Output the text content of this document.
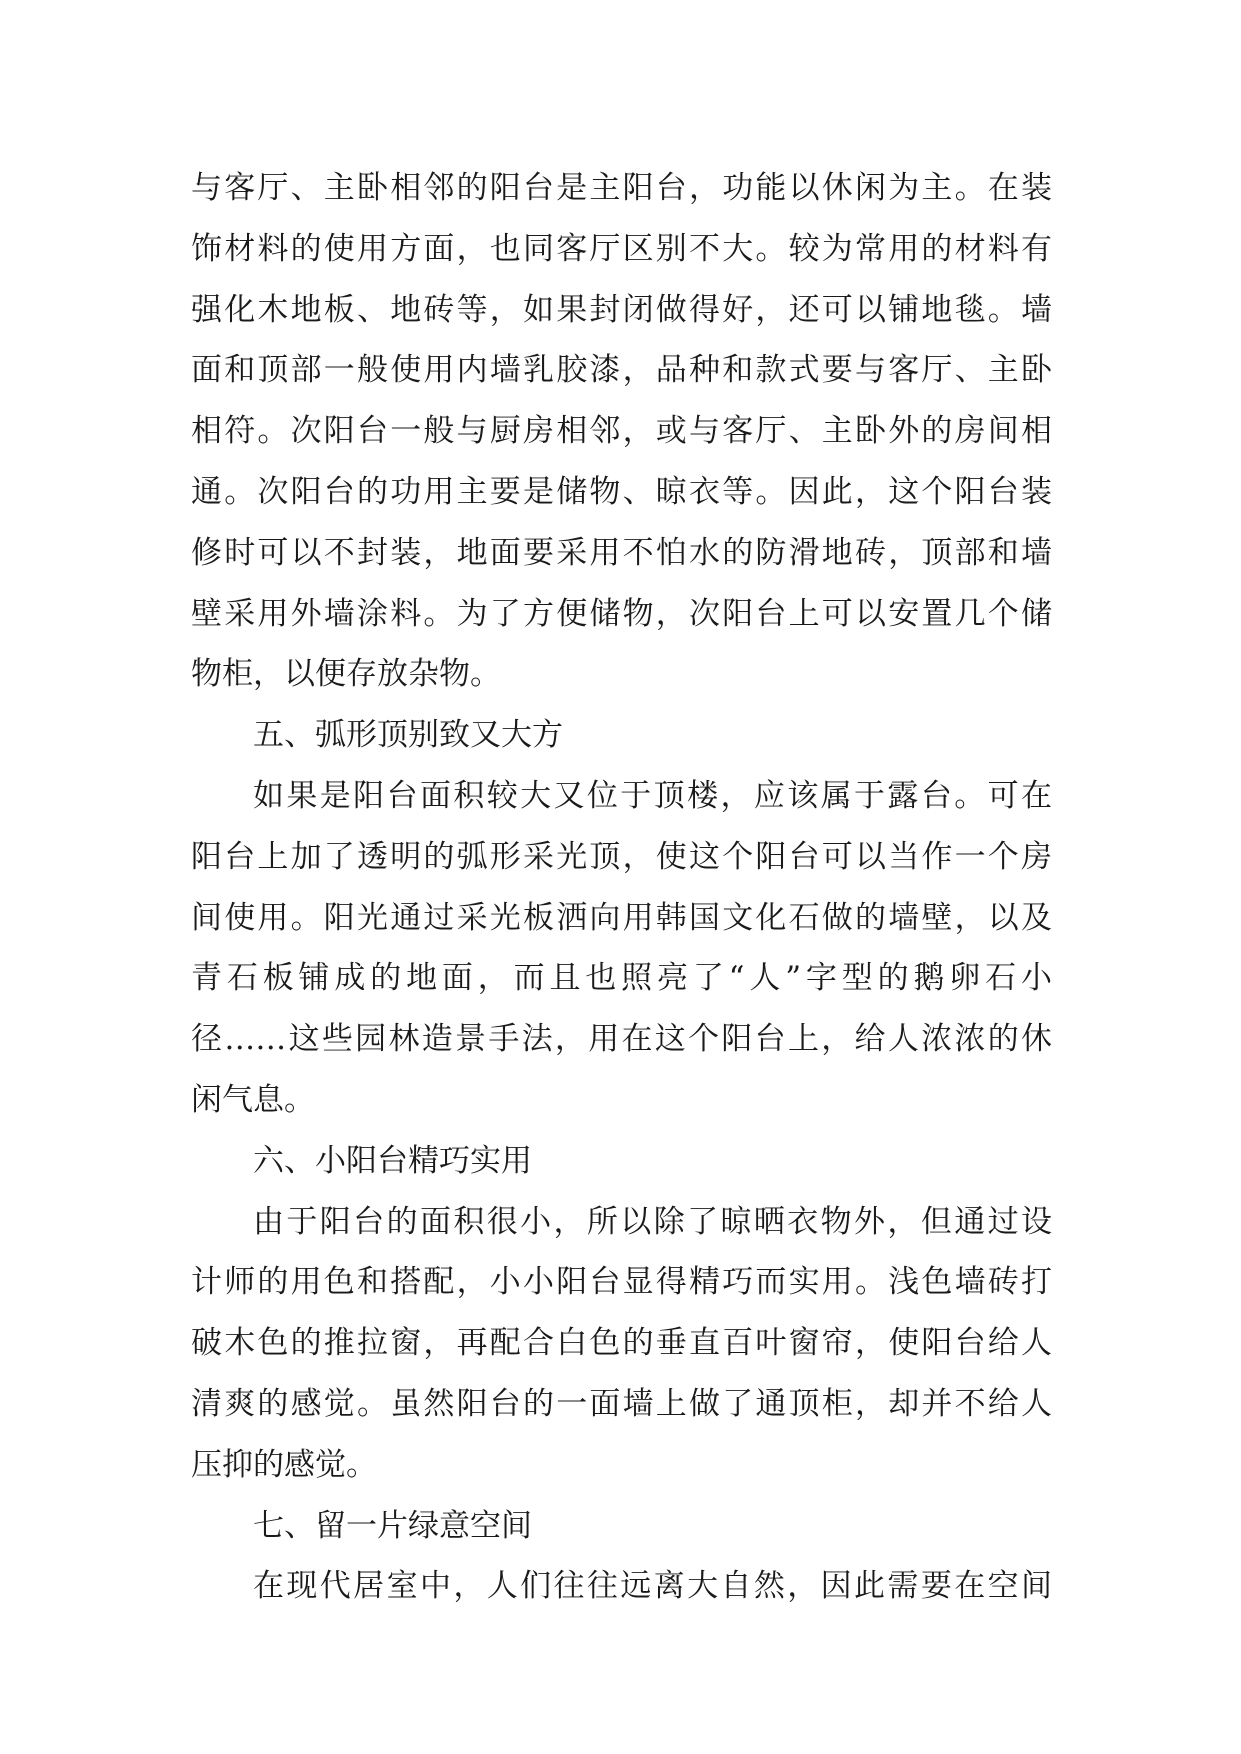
与客厅、主卧相邻的阳台是主阳台，功能以休闲为主。在装
饰材料的使用方面，也同客厅区别不大。较为常用的材料有
强化木地板、地砖等，如果封闭做得好，还可以铺地毯。墙
面和顶部一般使用内墙乳胶漆，品种和款式要与客厅、主卧
相符。次阳台一般与厨房相邻，或与客厅、主卧外的房间相
通。次阳台的功用主要是储物、晾衣等。因此，这个阳台装
修时可以不封装，地面要采用不怕水的防滑地砖，顶部和墙
壁采用外墙涂料。为了方便储物，次阳台上可以安置几个储
物柜，以便存放杂物。
五、弧形顶别致又大方
如果是阳台面积较大又位于顶楼，应该属于露台。可在
阳台上加了透明的弧形采光顶，使这个阳台可以当作一个房
间使用。阳光通过采光板洒向用韩国文化石做的墙壁，以及
青石板铺成的地面，而且也照亮了“人”字型的鹅卵石小
径……这些园林造景手法，用在这个阳台上，给人浓浓的休
闲气息。
六、小阳台精巧实用
由于阳台的面积很小，所以除了晾晒衣物外，但通过设
计师的用色和搭配，小小阳台显得精巧而实用。浅色墙砖打
破木色的推拉窗，再配合白色的垂直百叶窗帘，使阳台给人
清爽的感觉。虽然阳台的一面墙上做了通顶柜，却并不给人
压抑的感觉。
七、留一片绿意空间
在现代居室中，人们往往远离大自然，因此需要在空间
